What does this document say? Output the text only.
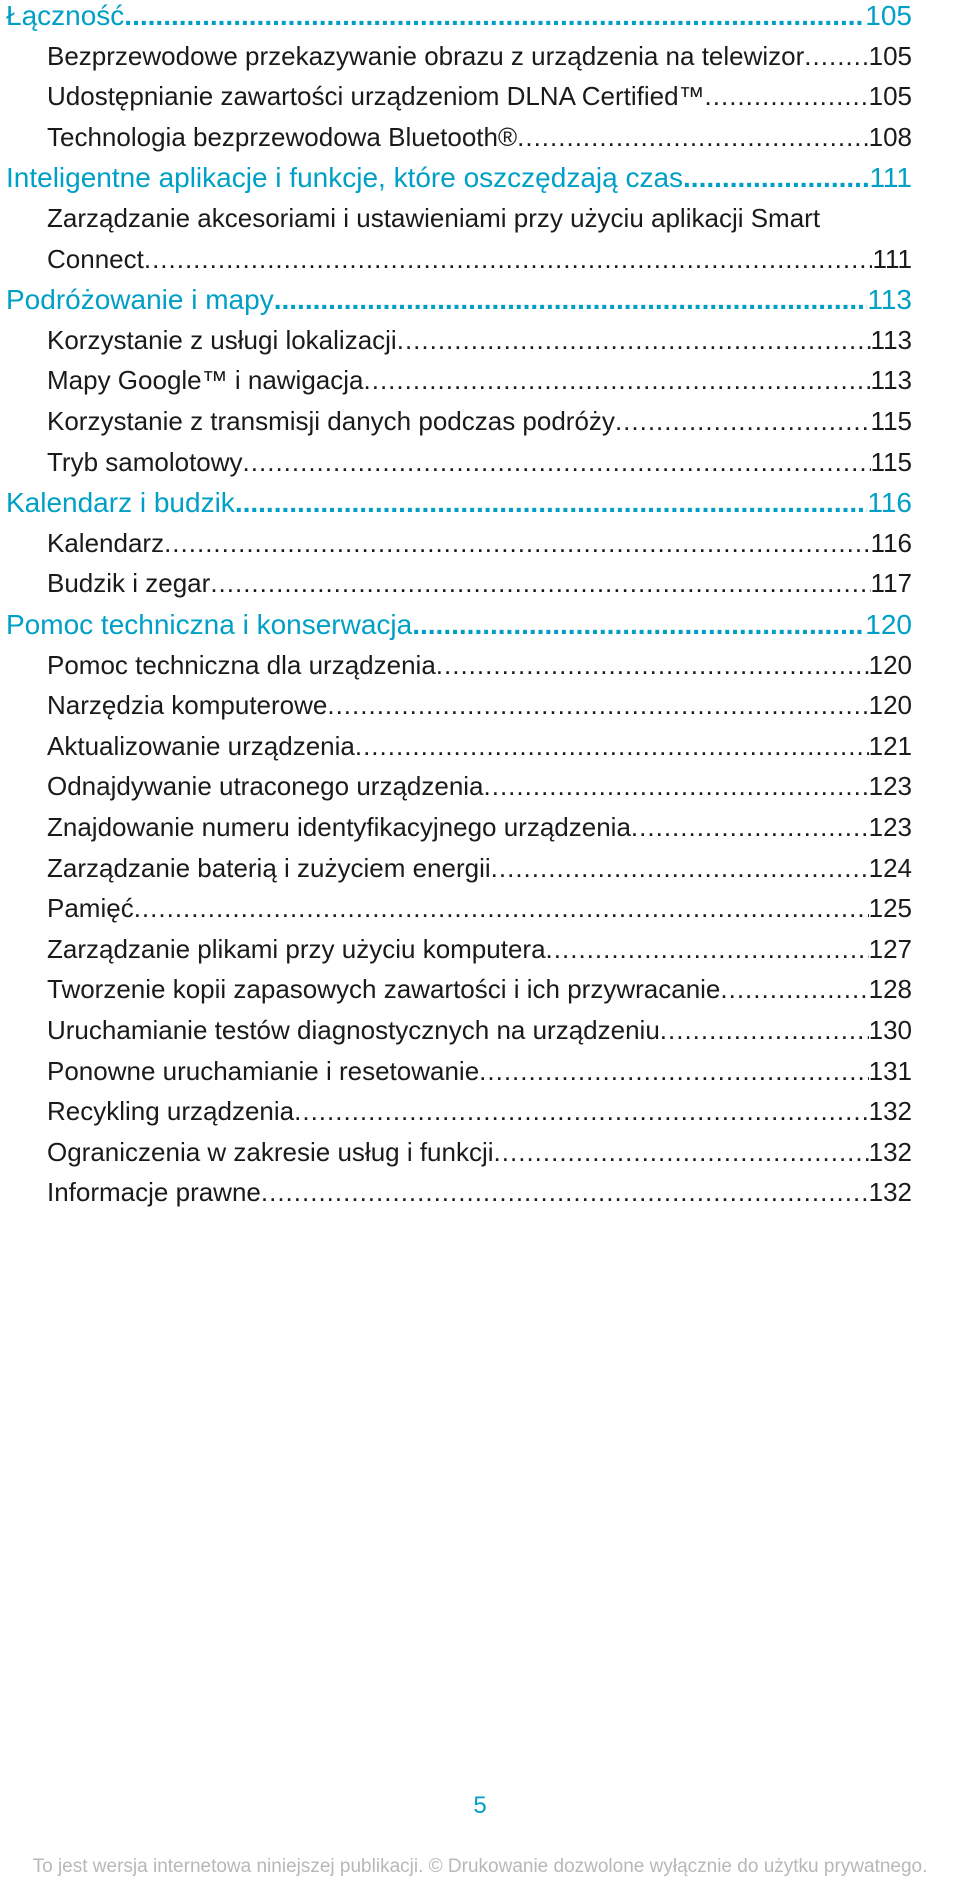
Łączność .....	105
Bezprzewodowe przekazywanie obrazu z urządzenia na telewizor ..... 105
Udostępnianie zawartości urządzeniom DLNA Certified™ .....	105
Technologia bezprzewodowa Bluetooth® .....	108
Inteligentne aplikacje i funkcje, które oszczędzają czas .....	111
Zarządzanie akcesoriami i ustawieniami przy użyciu aplikacji Smart
Connect .....	111
Podróżowanie i mapy .....	113
Korzystanie z usługi lokalizacji .....	113
Mapy Google™ i nawigacja .....	113
Korzystanie z transmisji danych podczas podróży .....	115
Tryb samolotowy .....	115
Kalendarz i budzik .....	116
Kalendarz .....	116
Budzik i zegar .....	117
Pomoc techniczna i konserwacja .....	120
Pomoc techniczna dla urządzenia .....	120
Narzędzia komputerowe .....	120
Aktualizowanie urządzenia .....	121
Odnajdywanie utraconego urządzenia .....	123
Znajdowanie numeru identyfikacyjnego urządzenia .....	123
Zarządzanie baterią i zużyciem energii .....	124
Pamięć .....	125
Zarządzanie plikami przy użyciu komputera .....	127
Tworzenie kopii zapasowych zawartości i ich przywracanie .....	128
Uruchamianie testów diagnostycznych na urządzeniu .....	130
Ponowne uruchamianie i resetowanie .....	131
Recykling urządzenia .....	132
Ograniczenia w zakresie usług i funkcji .....	132
Informacje prawne .....	132
5
To jest wersja internetowa niniejszej publikacji. © Drukowanie dozwolone wyłącznie do użytku prywatnego.
